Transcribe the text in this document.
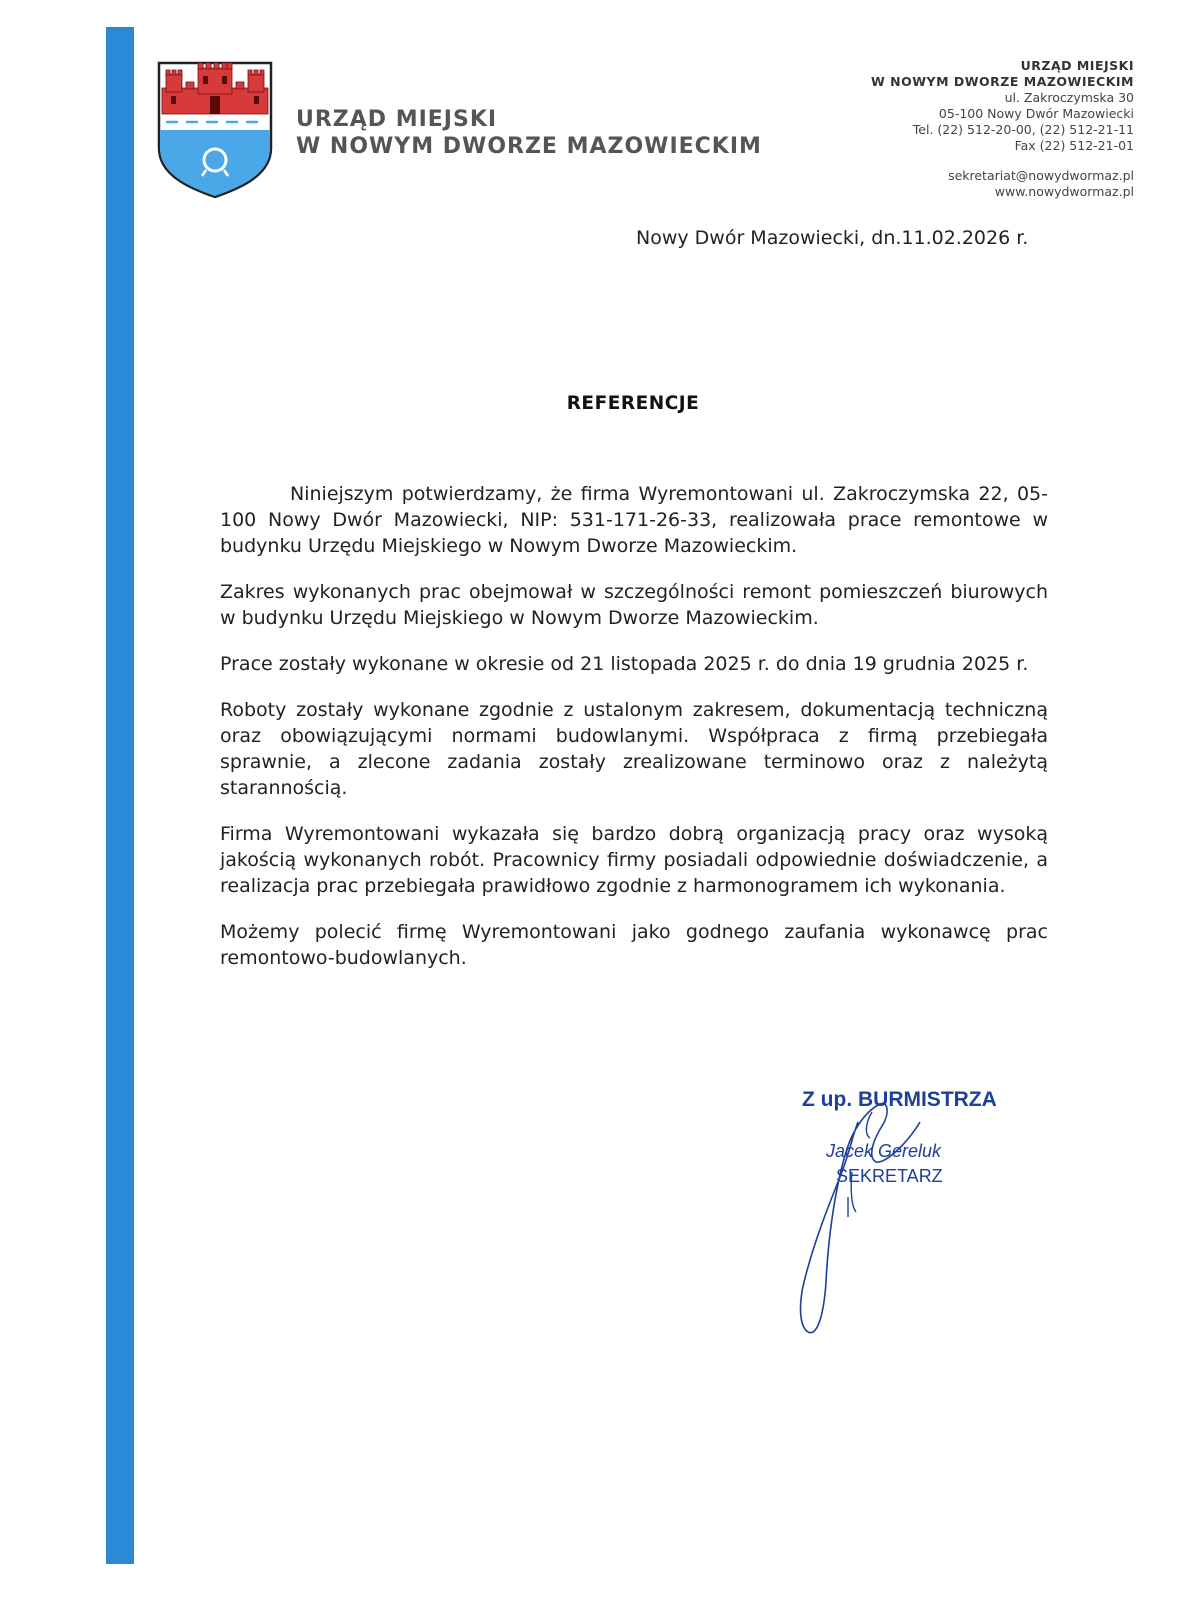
URZĄD MIEJSKI
W NOWYM DWORZE MAZOWIECKIM
URZĄD MIEJSKI
W NOWYM DWORZE MAZOWIECKIM
ul. Zakroczymska 30
05-100 Nowy Dwór Mazowiecki
Tel. (22) 512-20-00, (22) 512-21-11
Fax (22) 512-21-01
sekretariat@nowydwormaz.pl
www.nowydwormaz.pl
Nowy Dwór Mazowiecki, dn.11.02.2026 r.
REFERENCJE

Niniejszym potwierdzamy, że firma Wyremontowani ul. Zakroczymska 22, 05-100 Nowy Dwór Mazowiecki, NIP: 531-171-26-33, realizowała prace remontowe w budynku Urzędu Miejskiego w Nowym Dworze Mazowieckim.

Zakres wykonanych prac obejmował w szczególności remont pomieszczeń biurowych w budynku Urzędu Miejskiego w Nowym Dworze Mazowieckim.

Prace zostały wykonane w okresie od 21 listopada 2025 r. do dnia 19 grudnia 2025 r.

Roboty zostały wykonane zgodnie z ustalonym zakresem, dokumentacją techniczną oraz obowiązującymi normami budowlanymi. Współpraca z firmą przebiegała sprawnie, a zlecone zadania zostały zrealizowane terminowo oraz z należytą starannością.

Firma Wyremontowani wykazała się bardzo dobrą organizacją pracy oraz wysoką jakością wykonanych robót. Pracownicy firmy posiadali odpowiednie doświadczenie, a realizacja prac przebiegała prawidłowo zgodnie z harmonogramem ich wykonania.

Możemy polecić firmę Wyremontowani jako godnego zaufania wykonawcę prac remontowo-budowlanych.

Z up. BURMISTRZA
Jacek Gereluk
SEKRETARZ
